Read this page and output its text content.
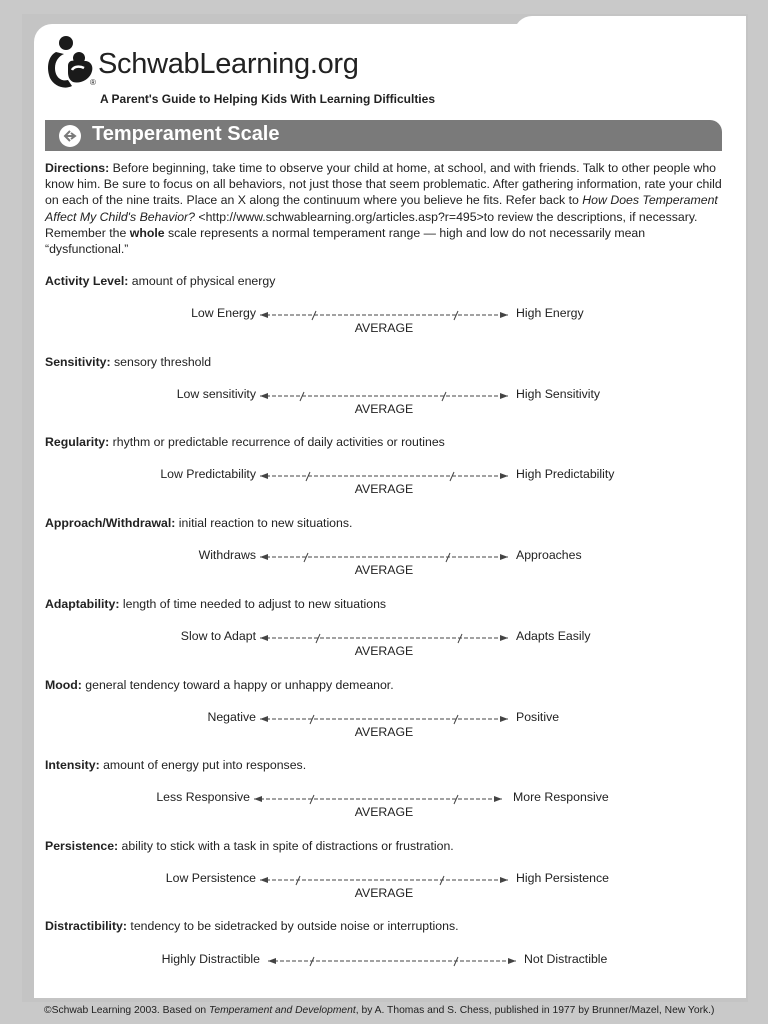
SchwabLearning.org
®
A Parent's Guide to Helping Kids With Learning Difficulties
Temperament Scale
Directions: Before beginning, take time to observe your child at home, at school, and with friends. Talk to other people who know him. Be sure to focus on all behaviors, not just those that seem problematic. After gathering information, rate your child on each of the nine traits. Place an X along the continuum where you believe he fits. Refer back to How Does Temperament Affect My Child's Behavior? <http://www.schwablearning.org/articles.asp?r=495>to review the descriptions, if necessary. Remember the whole scale represents a normal temperament range — high and low do not necessarily mean “dysfunctional.”
Activity Level: amount of physical energy
Low Energy	High Energy
AVERAGE
Sensitivity: sensory threshold
Low sensitivity	High Sensitivity
AVERAGE
Regularity: rhythm or predictable recurrence of daily activities or routines
Low Predictability	High Predictability
AVERAGE
Approach/Withdrawal: initial reaction to new situations.
Withdraws	Approaches
AVERAGE
Adaptability: length of time needed to adjust to new situations
Slow to Adapt	Adapts Easily
AVERAGE
Mood: general tendency toward a happy or unhappy demeanor.
Negative	Positive
AVERAGE
Intensity: amount of energy put into responses.
Less Responsive	More Responsive
AVERAGE
Persistence: ability to stick with a task in spite of distractions or frustration.
Low Persistence	High Persistence
AVERAGE
Distractibility: tendency to be sidetracked by outside noise or interruptions.
Highly Distractible	Not Distractible
©Schwab Learning 2003. Based on Temperament and Development, by A. Thomas and S. Chess, published in 1977 by Brunner/Mazel, New York.)
